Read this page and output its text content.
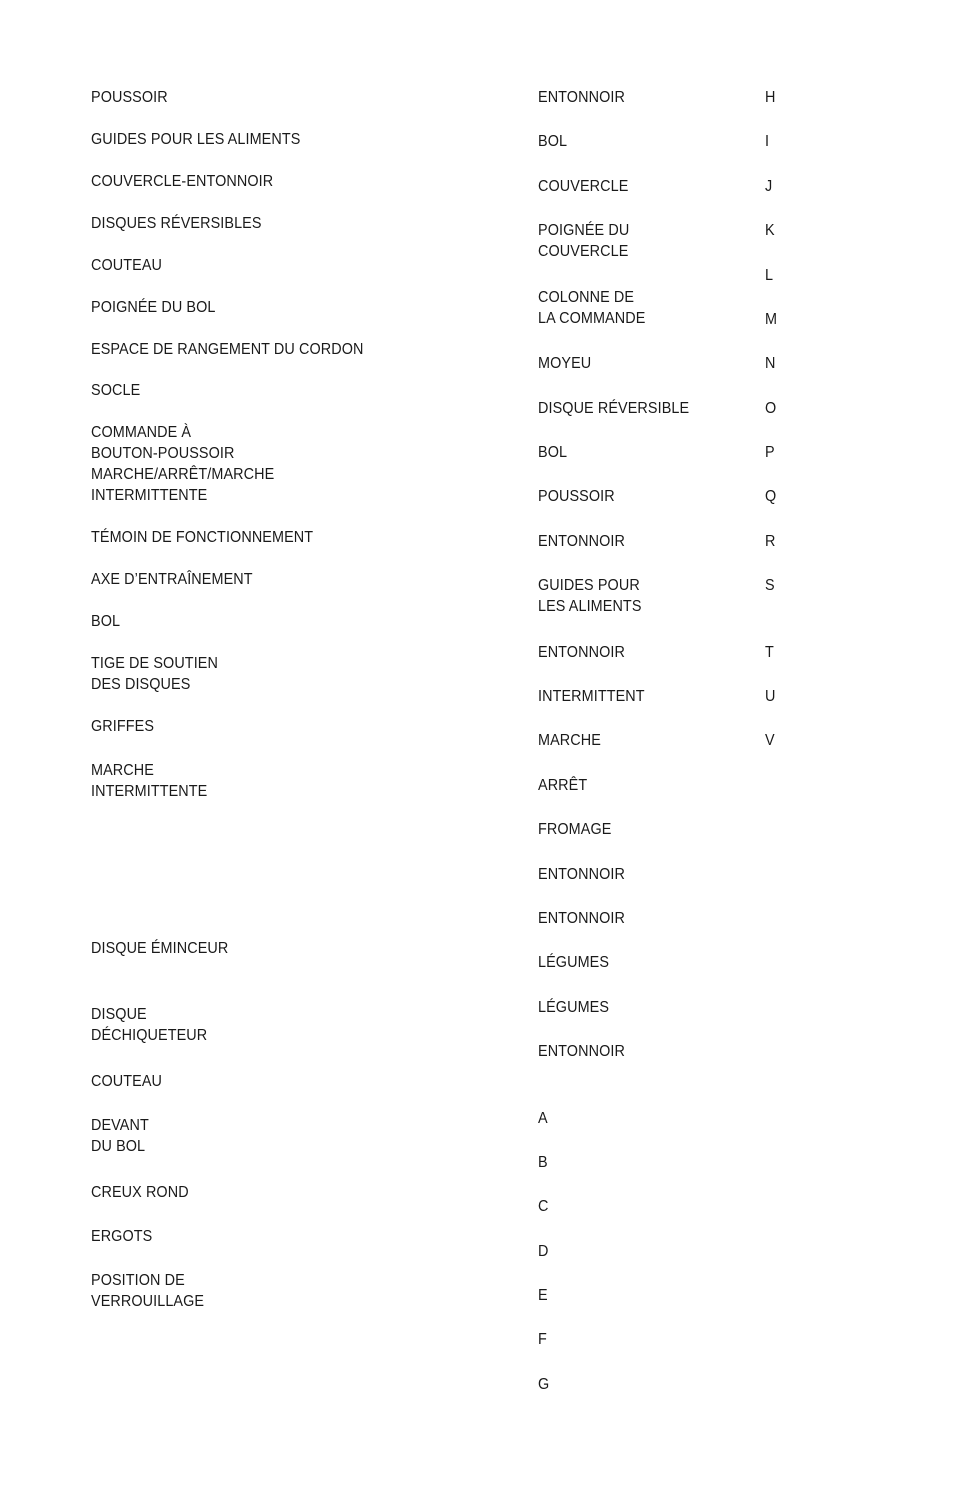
POUSSOIR

GUIDES POUR LES ALIMENTS

COUVERCLE-ENTONNOIR

DISQUES RÉVERSIBLES

COUTEAU

POIGNÉE DU BOL

ESPACE DE RANGEMENT DU CORDON

SOCLE

COMMANDE À
BOUTON-POUSSOIR
MARCHE/ARRÊT/MARCHE
INTERMITTENTE

TÉMOIN DE FONCTIONNEMENT

AXE D’ENTRAÎNEMENT

BOL

TIGE DE SOUTIEN
DES DISQUES

GRIFFES

MARCHE
INTERMITTENTE

DISQUE ÉMINCEUR

DISQUE
DÉCHIQUETEUR

COUTEAU

DEVANT
DU BOL

CREUX ROND

ERGOTS

POSITION DE
VERROUILLAGE

ENTONNOIR

BOL

COUVERCLE

POIGNÉE DU
COUVERCLE

COLONNE DE
LA COMMANDE

MOYEU

DISQUE RÉVERSIBLE

BOL

POUSSOIR

ENTONNOIR

GUIDES POUR
LES ALIMENTS

ENTONNOIR

INTERMITTENT

MARCHE

ARRÊT

FROMAGE

ENTONNOIR

ENTONNOIR

LÉGUMES

LÉGUMES

ENTONNOIR

A

B

C

D

E

F

G

H

I

J

K

L

M

N

O

P

Q

R

S

T

U

V
